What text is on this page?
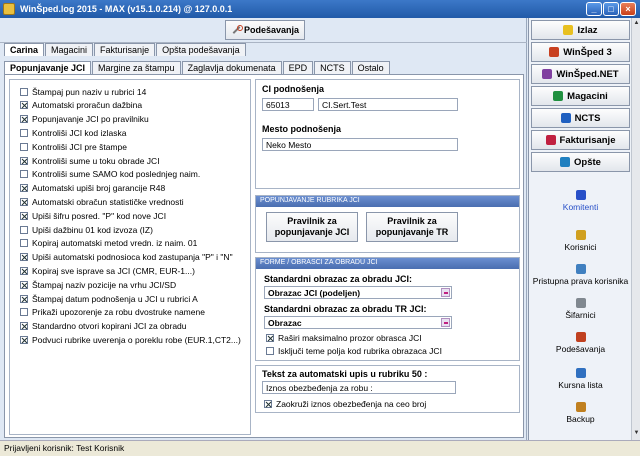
WinŠped.log 2015 - MAX (v15.1.0.214) @ 127.0.0.1	_	□	×
Podešavanja
Carina	Magacini	Fakturisanje	Opšta podešavanja
Popunjavanje JCI	Margine za štampu	Zaglavlja dokumenata	EPD	NCTS	Ostalo
Štampaj pun naziv u rubrici 14
Automatski proračun dažbina
Popunjavanje JCI po pravilniku
Kontroliši JCI kod izlaska
Kontroliši JCI pre štampe
Kontroliši sume u toku obrade JCI
Kontroliši sume SAMO kod poslednjeg naim.
Automatski upiši broj garancije R48
Automatski obračun statističke vrednosti
Upiši šifru posred. "P" kod nove JCI
Upiši dažbinu 01 kod izvoza (IZ)
Kopiraj automatski metod vredn. iz naim. 01
Upiši automatski podnosioca kod zastupanja "P" i "N"
Kopiraj sve isprave sa JCI (CMR, EUR-1...)
Štampaj naziv pozicije na vrhu JCI/SD
Štampaj datum podnošenja u JCI u rubrici A
Prikaži upozorenje za robu dvostruke namene
Standardno otvori kopirani JCI za obradu
Podvuci rubrike uverenja o poreklu robe (EUR.1,CT2...)
CI podnošenja
65013	CI.Sert.Test
Mesto podnošenja
Neko Mesto
POPUNJAVANJE RUBRIKA JCI
Pravilnik za
popunjavanje JCI
Pravilnik za
popunjavanje TR
FORME / OBRASCI ZA OBRADU JCI
Standardni obrazac za obradu JCI:
Obrazac JCI (podeljen)
Standardni obrazac za obradu TR JCI:
Obrazac
Raširi maksimalno prozor obrasca JCI
Isključi teme polja kod rubrika obrazaca JCI
Tekst za automatski upis u rubriku 50 :
Iznos obezbeđenja za robu :
Zaokruži iznos obezbeđenja na ceo broj
▲
▼
Izlaz
WinŠped 3
WinŠped.NET
Magacini
NCTS
Fakturisanje
Opšte
Komitenti
Korisnici
Pristupna prava korisnika
Šifarnici
Podešavanja
Kursna lista
Backup
Prijavljeni korisnik: Test Korisnik
